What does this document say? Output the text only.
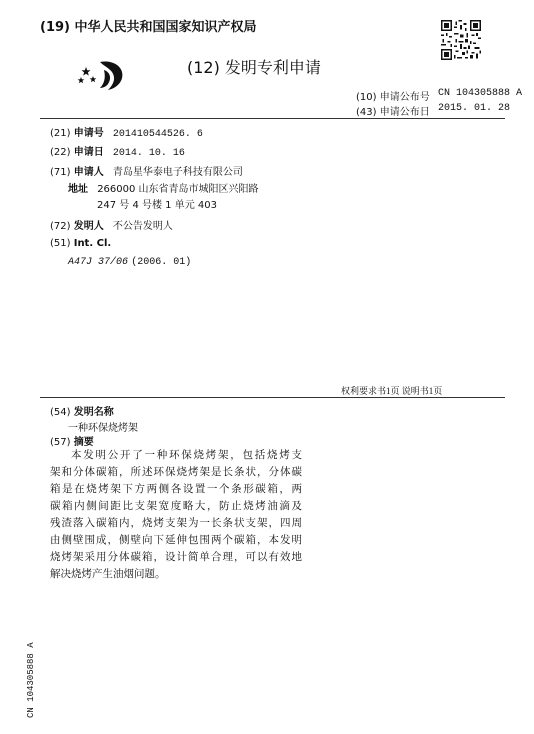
(19) 中华人民共和国国家知识产权局
(12) 发明专利申请
(10) 申请公布号 CN 104305888 A
(43) 申请公布日 2015. 01. 28
(21) 申请号 201410544526. 6
(22) 申请日 2014. 10. 16
(71) 申请人 青岛星华泰电子科技有限公司
地址 266000 山东省青岛市城阳区兴阳路
247 号 4 号楼 1 单元 403
(72) 发明人 不公告发明人
(51) Int. Cl.
A47J 37/06 (2006. 01)
权利要求书1页 说明书1页
(54) 发明名称
一种环保烧烤架
(57) 摘要
本发明公开了一种环保烧烤架，包括烧烤支
架和分体碳箱，所述环保烧烤架是长条状，分体碳
箱是在烧烤架下方两侧各设置一个条形碳箱，两
碳箱内侧间距比支架宽度略大，防止烧烤油滴及
残渣落入碳箱内，烧烤支架为一长条状支架，四周
由侧壁围成，侧壁向下延伸包围两个碳箱，本发明
烧烤架采用分体碳箱，设计简单合理，可以有效地
解决烧烤产生油烟问题。
CN 104305888 A
